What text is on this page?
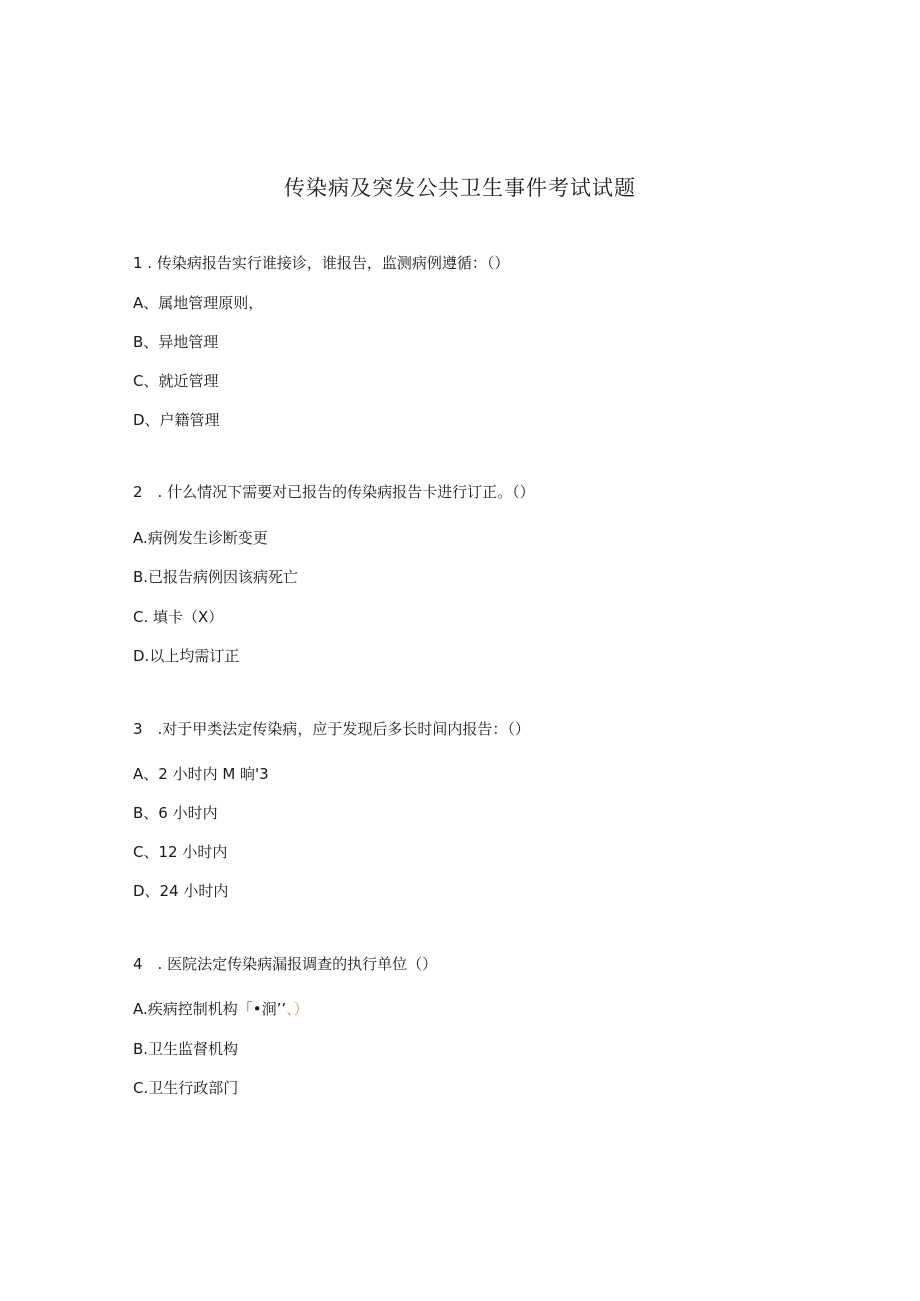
传染病及突发公共卫生事件考试试题
1 . 传染病报告实行谁接诊，谁报告，监测病例遵循：（）
A、属地管理原则，
B、异地管理
C、就近管理
D、户籍管理
2　. 什么情况下需要对已报告的传染病报告卡进行订正。（）
A.病例发生诊断变更
B.已报告病例因该病死亡
C. 填卡（X）
D.以上均需订正
3　.对于甲类法定传染病，应于发现后多长时间内报告：（）
A、2 小时内 M 晌'3
B、6 小时内
C、12 小时内
D、24 小时内
4　. 医院法定传染病漏报调查的执行单位（）
A.疾病控制机构「•涧’’、）
B.卫生监督机构
C.卫生行政部门
